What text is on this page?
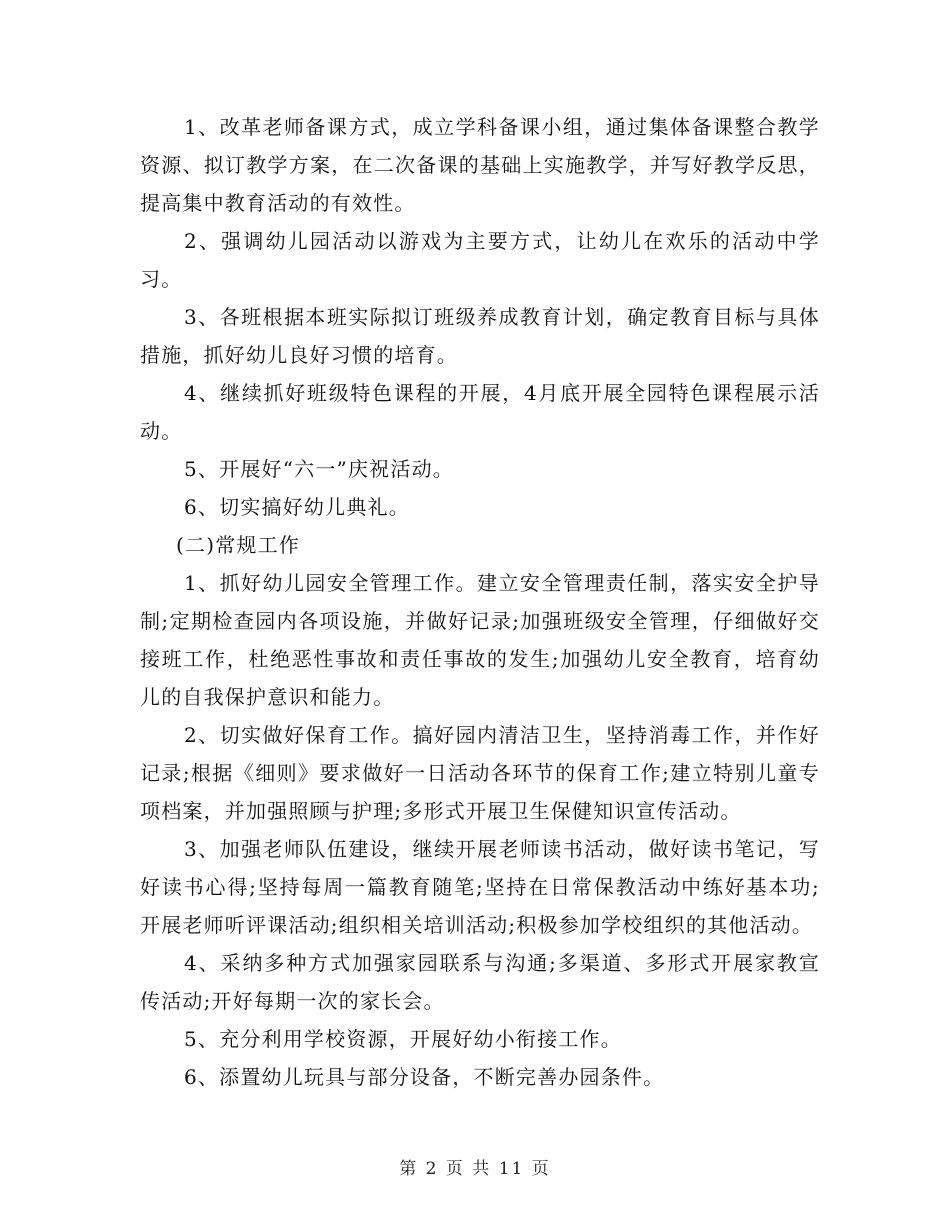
1、改革老师备课方式，成立学科备课小组，通过集体备课整合教学资源、拟订教学方案，在二次备课的基础上实施教学，并写好教学反思，提高集中教育活动的有效性。

2、强调幼儿园活动以游戏为主要方式，让幼儿在欢乐的活动中学习。

3、各班根据本班实际拟订班级养成教育计划，确定教育目标与具体措施，抓好幼儿良好习惯的培育。

4、继续抓好班级特色课程的开展，4月底开展全园特色课程展示活动。

5、开展好“六一”庆祝活动。

6、切实搞好幼儿典礼。

(二)常规工作

1、抓好幼儿园安全管理工作。建立安全管理责任制，落实安全护导制;定期检查园内各项设施，并做好记录;加强班级安全管理，仔细做好交接班工作，杜绝恶性事故和责任事故的发生;加强幼儿安全教育，培育幼儿的自我保护意识和能力。

2、切实做好保育工作。搞好园内清洁卫生，坚持消毒工作，并作好记录;根据《细则》要求做好一日活动各环节的保育工作;建立特别儿童专项档案，并加强照顾与护理;多形式开展卫生保健知识宣传活动。

3、加强老师队伍建设，继续开展老师读书活动，做好读书笔记，写好读书心得;坚持每周一篇教育随笔;坚持在日常保教活动中练好基本功;开展老师听评课活动;组织相关培训活动;积极参加学校组织的其他活动。

4、采纳多种方式加强家园联系与沟通;多渠道、多形式开展家教宣传活动;开好每期一次的家长会。

5、充分利用学校资源，开展好幼小衔接工作。

6、添置幼儿玩具与部分设备，不断完善办园条件。

第 2 页 共 11 页
